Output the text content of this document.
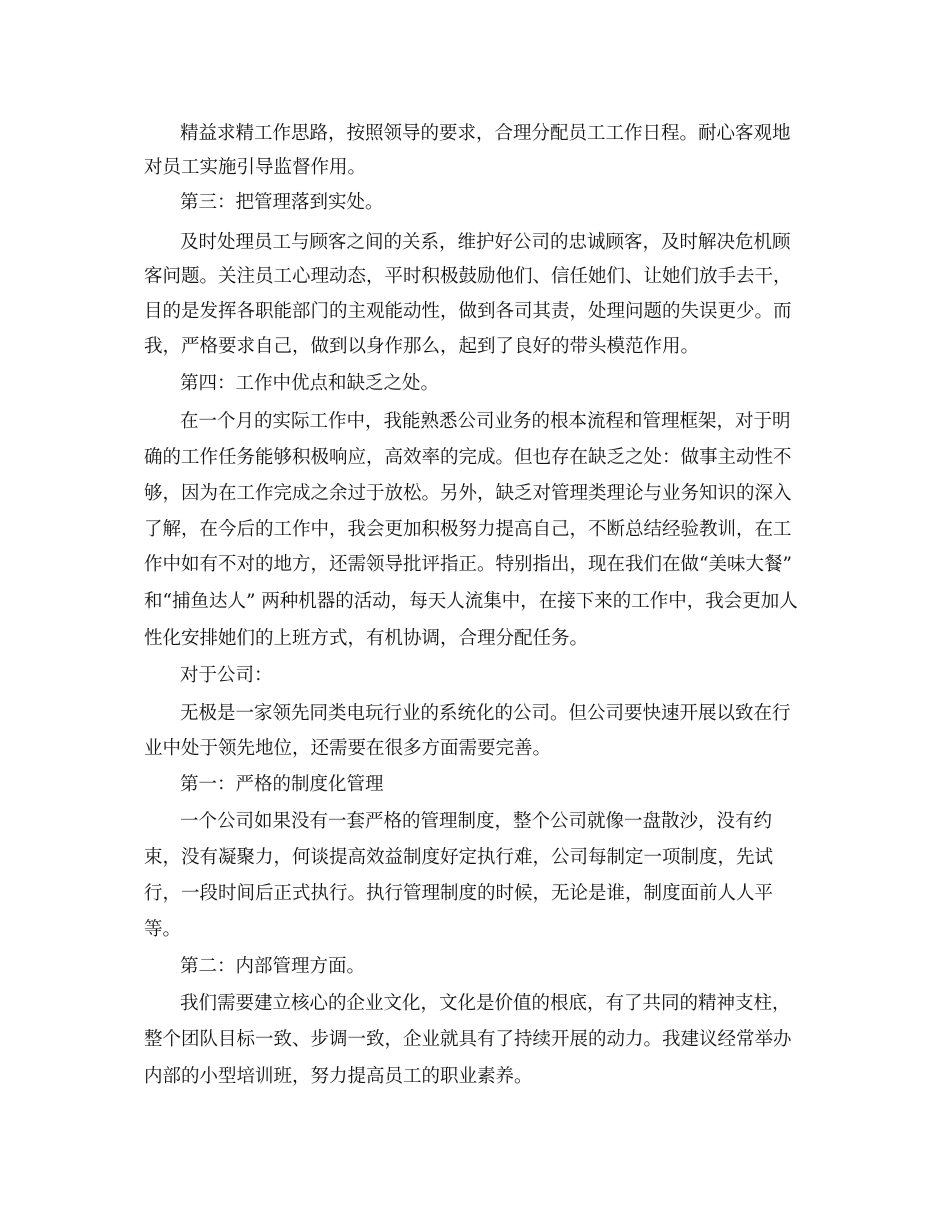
精益求精工作思路，按照领导的要求，合理分配员工工作日程。耐心客观地

对员工实施引导监督作用。

第三：把管理落到实处。

及时处理员工与顾客之间的关系，维护好公司的忠诚顾客，及时解决危机顾

客问题。关注员工心理动态，平时积极鼓励他们、信任她们、让她们放手去干，

目的是发挥各职能部门的主观能动性，做到各司其责，处理问题的失误更少。而

我，严格要求自己，做到以身作那么，起到了良好的带头模范作用。

第四：工作中优点和缺乏之处。

在一个月的实际工作中，我能熟悉公司业务的根本流程和管理框架，对于明

确的工作任务能够积极响应，高效率的完成。但也存在缺乏之处：做事主动性不

够，因为在工作完成之余过于放松。另外，缺乏对管理类理论与业务知识的深入

了解，在今后的工作中，我会更加积极努力提高自己，不断总结经验教训，在工

作中如有不对的地方，还需领导批评指正。特别指出，现在我们在做“美味大餐”

和“捕鱼达人” 两种机器的活动，每天人流集中，在接下来的工作中，我会更加人

性化安排她们的上班方式，有机协调，合理分配任务。

对于公司：

无极是一家领先同类电玩行业的系统化的公司。但公司要快速开展以致在行

业中处于领先地位，还需要在很多方面需要完善。

第一：严格的制度化管理

一个公司如果没有一套严格的管理制度，整个公司就像一盘散沙，没有约

束，没有凝聚力，何谈提高效益制度好定执行难，公司每制定一项制度，先试

行，一段时间后正式执行。执行管理制度的时候，无论是谁，制度面前人人平

等。

第二：内部管理方面。

我们需要建立核心的企业文化，文化是价值的根底，有了共同的精神支柱，

整个团队目标一致、步调一致，企业就具有了持续开展的动力。我建议经常举办

内部的小型培训班，努力提高员工的职业素养。
